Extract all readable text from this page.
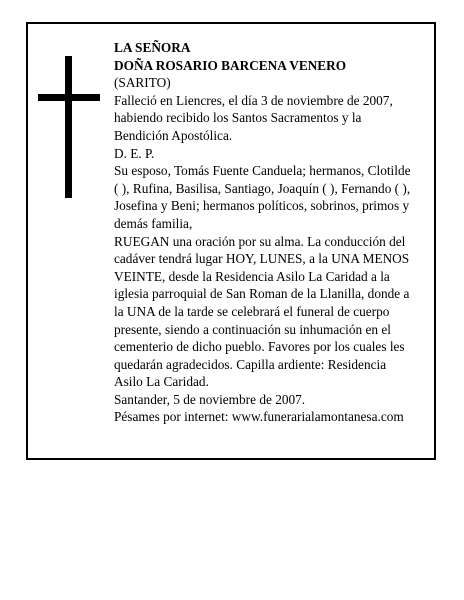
LA SEÑORA
DOÑA ROSARIO BARCENA VENERO
(SARITO)
Falleció en Liencres, el día 3 de noviembre de 2007,
habiendo recibido los Santos Sacramentos y la
Bendición Apostólica.
D. E. P.
Su esposo, Tomás Fuente Canduela; hermanos, Clotilde
( ), Rufina, Basilisa, Santiago, Joaquín ( ), Fernando ( ),
Josefina y Beni; hermanos políticos, sobrinos, primos y
demás familia,
RUEGAN una oración por su alma. La conducción del
cadáver tendrá lugar HOY, LUNES, a la UNA MENOS
VEINTE, desde la Residencia Asilo La Caridad a la
iglesia parroquial de San Roman de la Llanilla, donde a
la UNA de la tarde se celebrará el funeral de cuerpo
presente, siendo a continuación su inhumación en el
cementerio de dicho pueblo. Favores por los cuales les
quedarán agradecidos. Capilla ardiente: Residencia
Asilo La Caridad.
Santander, 5 de noviembre de 2007.
Pésames por internet: www.funerarialamontanesa.com
